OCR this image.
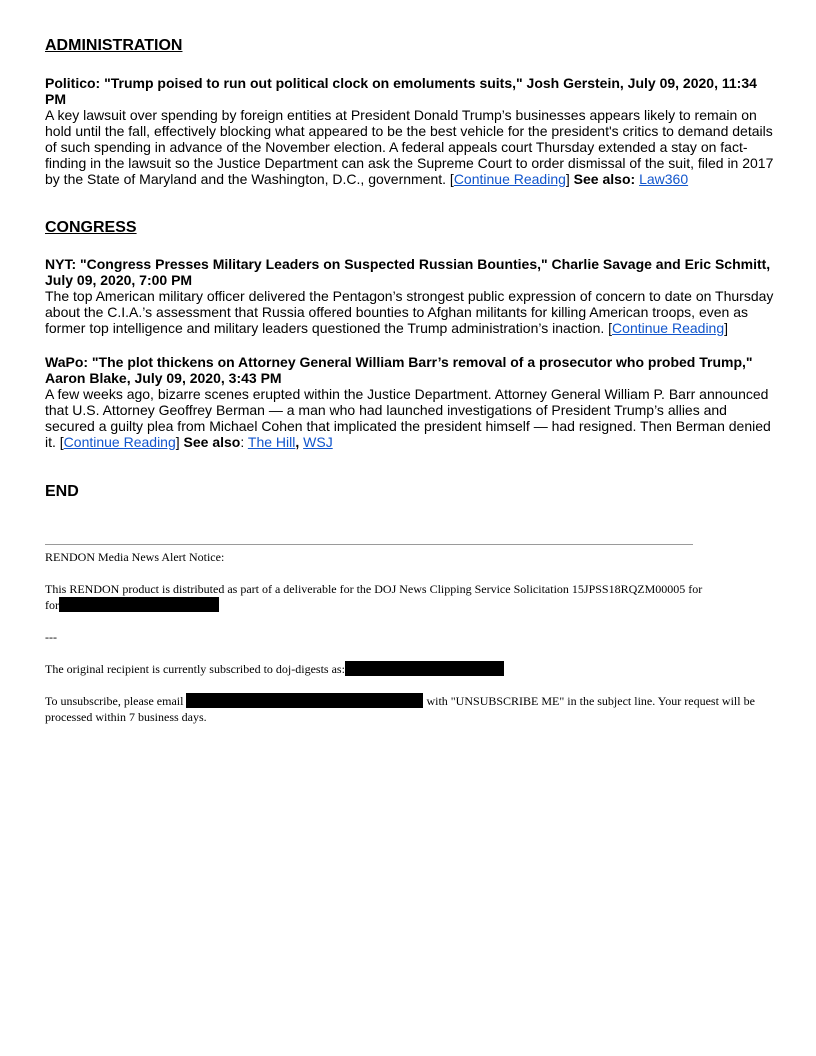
ADMINISTRATION

Politico: "Trump poised to run out political clock on emoluments suits," Josh Gerstein, July 09, 2020, 11:34 PM

A key lawsuit over spending by foreign entities at President Donald Trump’s businesses appears likely to remain on hold until the fall, effectively blocking what appeared to be the best vehicle for the president's critics to demand details of such spending in advance of the November election. A federal appeals court Thursday extended a stay on fact-finding in the lawsuit so the Justice Department can ask the Supreme Court to order dismissal of the suit, filed in 2017 by the State of Maryland and the Washington, D.C., government. [Continue Reading] See also: Law360

CONGRESS

NYT: "Congress Presses Military Leaders on Suspected Russian Bounties," Charlie Savage and Eric Schmitt, July 09, 2020, 7:00 PM

The top American military officer delivered the Pentagon’s strongest public expression of concern to date on Thursday about the C.I.A.’s assessment that Russia offered bounties to Afghan militants for killing American troops, even as former top intelligence and military leaders questioned the Trump administration’s inaction. [Continue Reading]

WaPo: "The plot thickens on Attorney General William Barr’s removal of a prosecutor who probed Trump," Aaron Blake, July 09, 2020, 3:43 PM

A few weeks ago, bizarre scenes erupted within the Justice Department. Attorney General William P. Barr announced that U.S. Attorney Geoffrey Berman — a man who had launched investigations of President Trump’s allies and secured a guilty plea from Michael Cohen that implicated the president himself — had resigned. Then Berman denied it. [Continue Reading] See also: The Hill, WSJ

END

RENDON Media News Alert Notice:

This RENDON product is distributed as part of a deliverable for the DOJ News Clipping Service Solicitation 15JPSS18RQZM00005 for

for

---

The original recipient is currently subscribed to doj-digests as:

To unsubscribe, please email	with "UNSUBSCRIBE ME" in the subject line. Your request will be processed within 7 business days.
